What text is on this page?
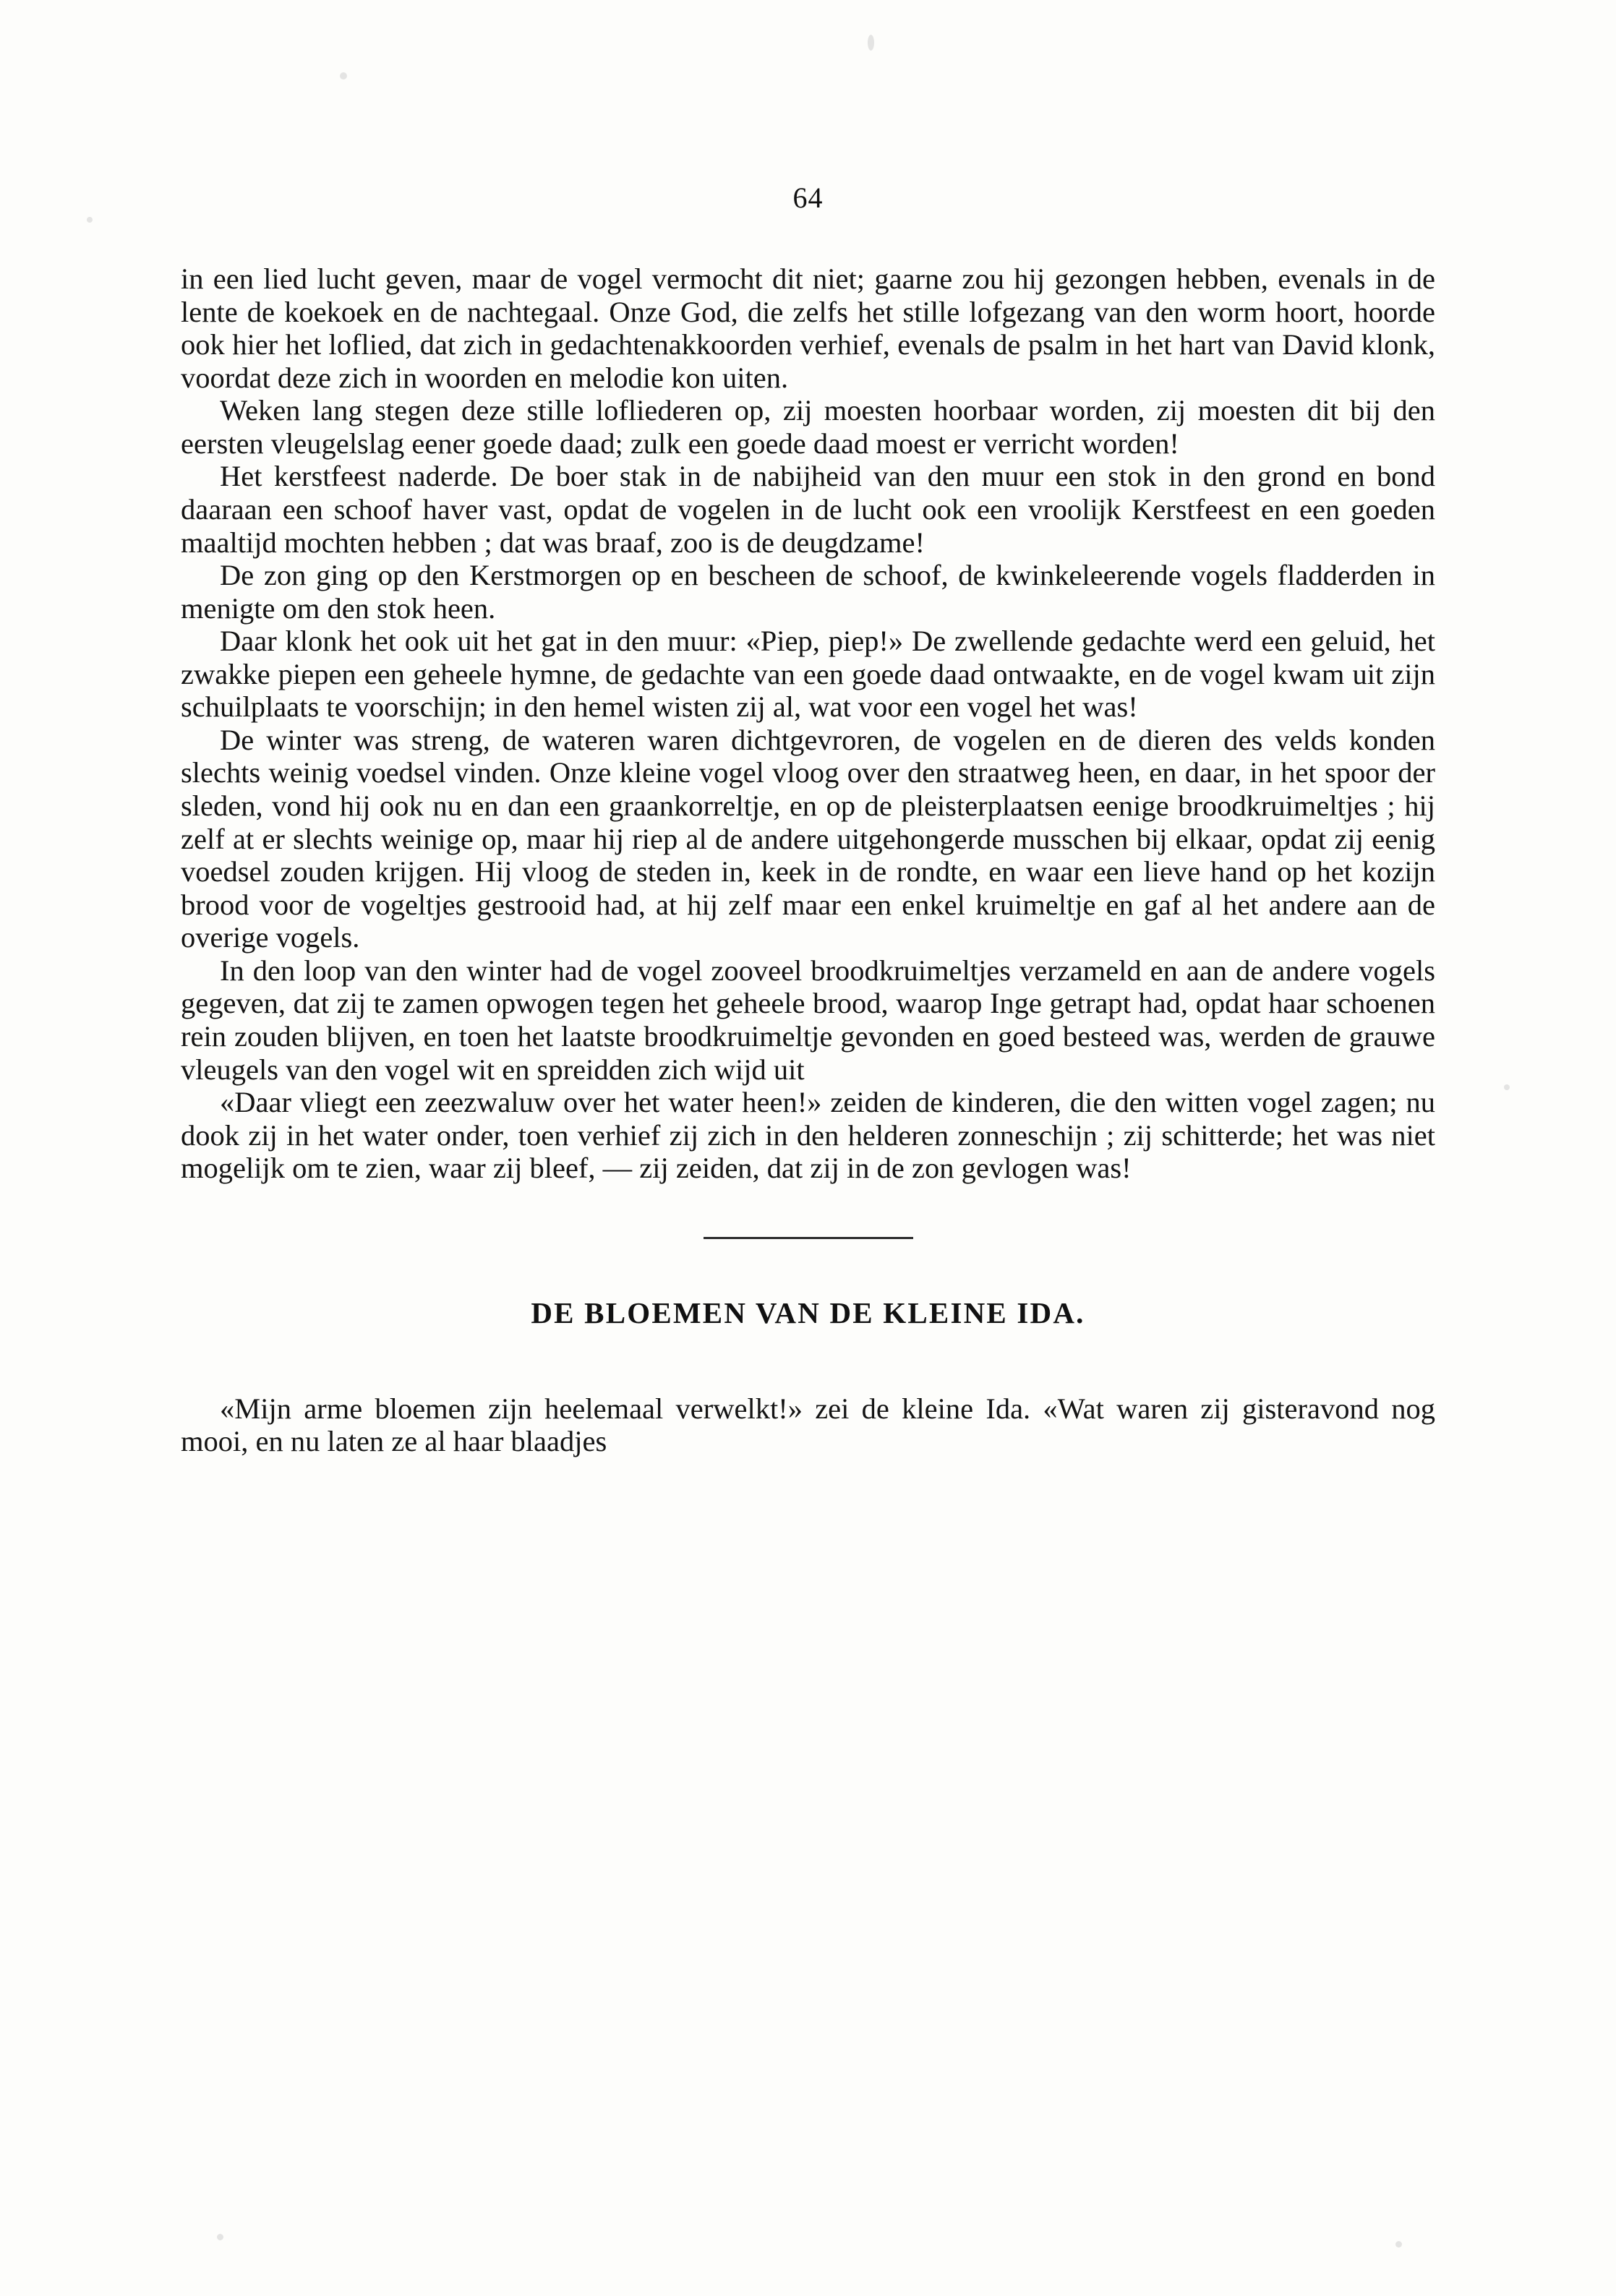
64

in een lied lucht geven, maar de vogel vermocht dit niet; gaarne zou hij gezongen hebben, evenals in de lente de koekoek en de nachtegaal. Onze God, die zelfs het stille lofgezang van den worm hoort, hoorde ook hier het loflied, dat zich in gedachtenakkoorden verhief, evenals de psalm in het hart van David klonk, voordat deze zich in woorden en melodie kon uiten.

Weken lang stegen deze stille lofliederen op, zij moesten hoorbaar worden, zij moesten dit bij den eersten vleugelslag eener goede daad; zulk een goede daad moest er verricht worden!

Het kerstfeest naderde. De boer stak in de nabijheid van den muur een stok in den grond en bond daaraan een schoof haver vast, opdat de vogelen in de lucht ook een vroolijk Kerstfeest en een goeden maaltijd mochten hebben ; dat was braaf, zoo is de deugdzame!

De zon ging op den Kerstmorgen op en bescheen de schoof, de kwinkeleerende vogels fladderden in menigte om den stok heen.

Daar klonk het ook uit het gat in den muur: «Piep, piep!» De zwellende gedachte werd een geluid, het zwakke piepen een geheele hymne, de gedachte van een goede daad ontwaakte, en de vogel kwam uit zijn schuilplaats te voorschijn; in den hemel wisten zij al, wat voor een vogel het was!

De winter was streng, de wateren waren dichtgevroren, de vogelen en de dieren des velds konden slechts weinig voedsel vinden. Onze kleine vogel vloog over den straatweg heen, en daar, in het spoor der sleden, vond hij ook nu en dan een graankorreltje, en op de pleisterplaatsen eenige broodkruimeltjes ; hij zelf at er slechts weinige op, maar hij riep al de andere uitgehongerde musschen bij elkaar, opdat zij eenig voedsel zouden krijgen. Hij vloog de steden in, keek in de rondte, en waar een lieve hand op het kozijn brood voor de vogeltjes gestrooid had, at hij zelf maar een enkel kruimeltje en gaf al het andere aan de overige vogels.

In den loop van den winter had de vogel zooveel broodkruimeltjes verzameld en aan de andere vogels gegeven, dat zij te zamen opwogen tegen het geheele brood, waarop Inge getrapt had, opdat haar schoenen rein zouden blijven, en toen het laatste broodkruimeltje gevonden en goed besteed was, werden de grauwe vleugels van den vogel wit en spreidden zich wijd uit

«Daar vliegt een zeezwaluw over het water heen!» zeiden de kinderen, die den witten vogel zagen; nu dook zij in het water onder, toen verhief zij zich in den helderen zonneschijn ; zij schitterde; het was niet mogelijk om te zien, waar zij bleef, — zij zeiden, dat zij in de zon gevlogen was!

DE BLOEMEN VAN DE KLEINE IDA.

«Mijn arme bloemen zijn heelemaal verwelkt!» zei de kleine Ida. «Wat waren zij gisteravond nog mooi, en nu laten ze al haar blaadjes
